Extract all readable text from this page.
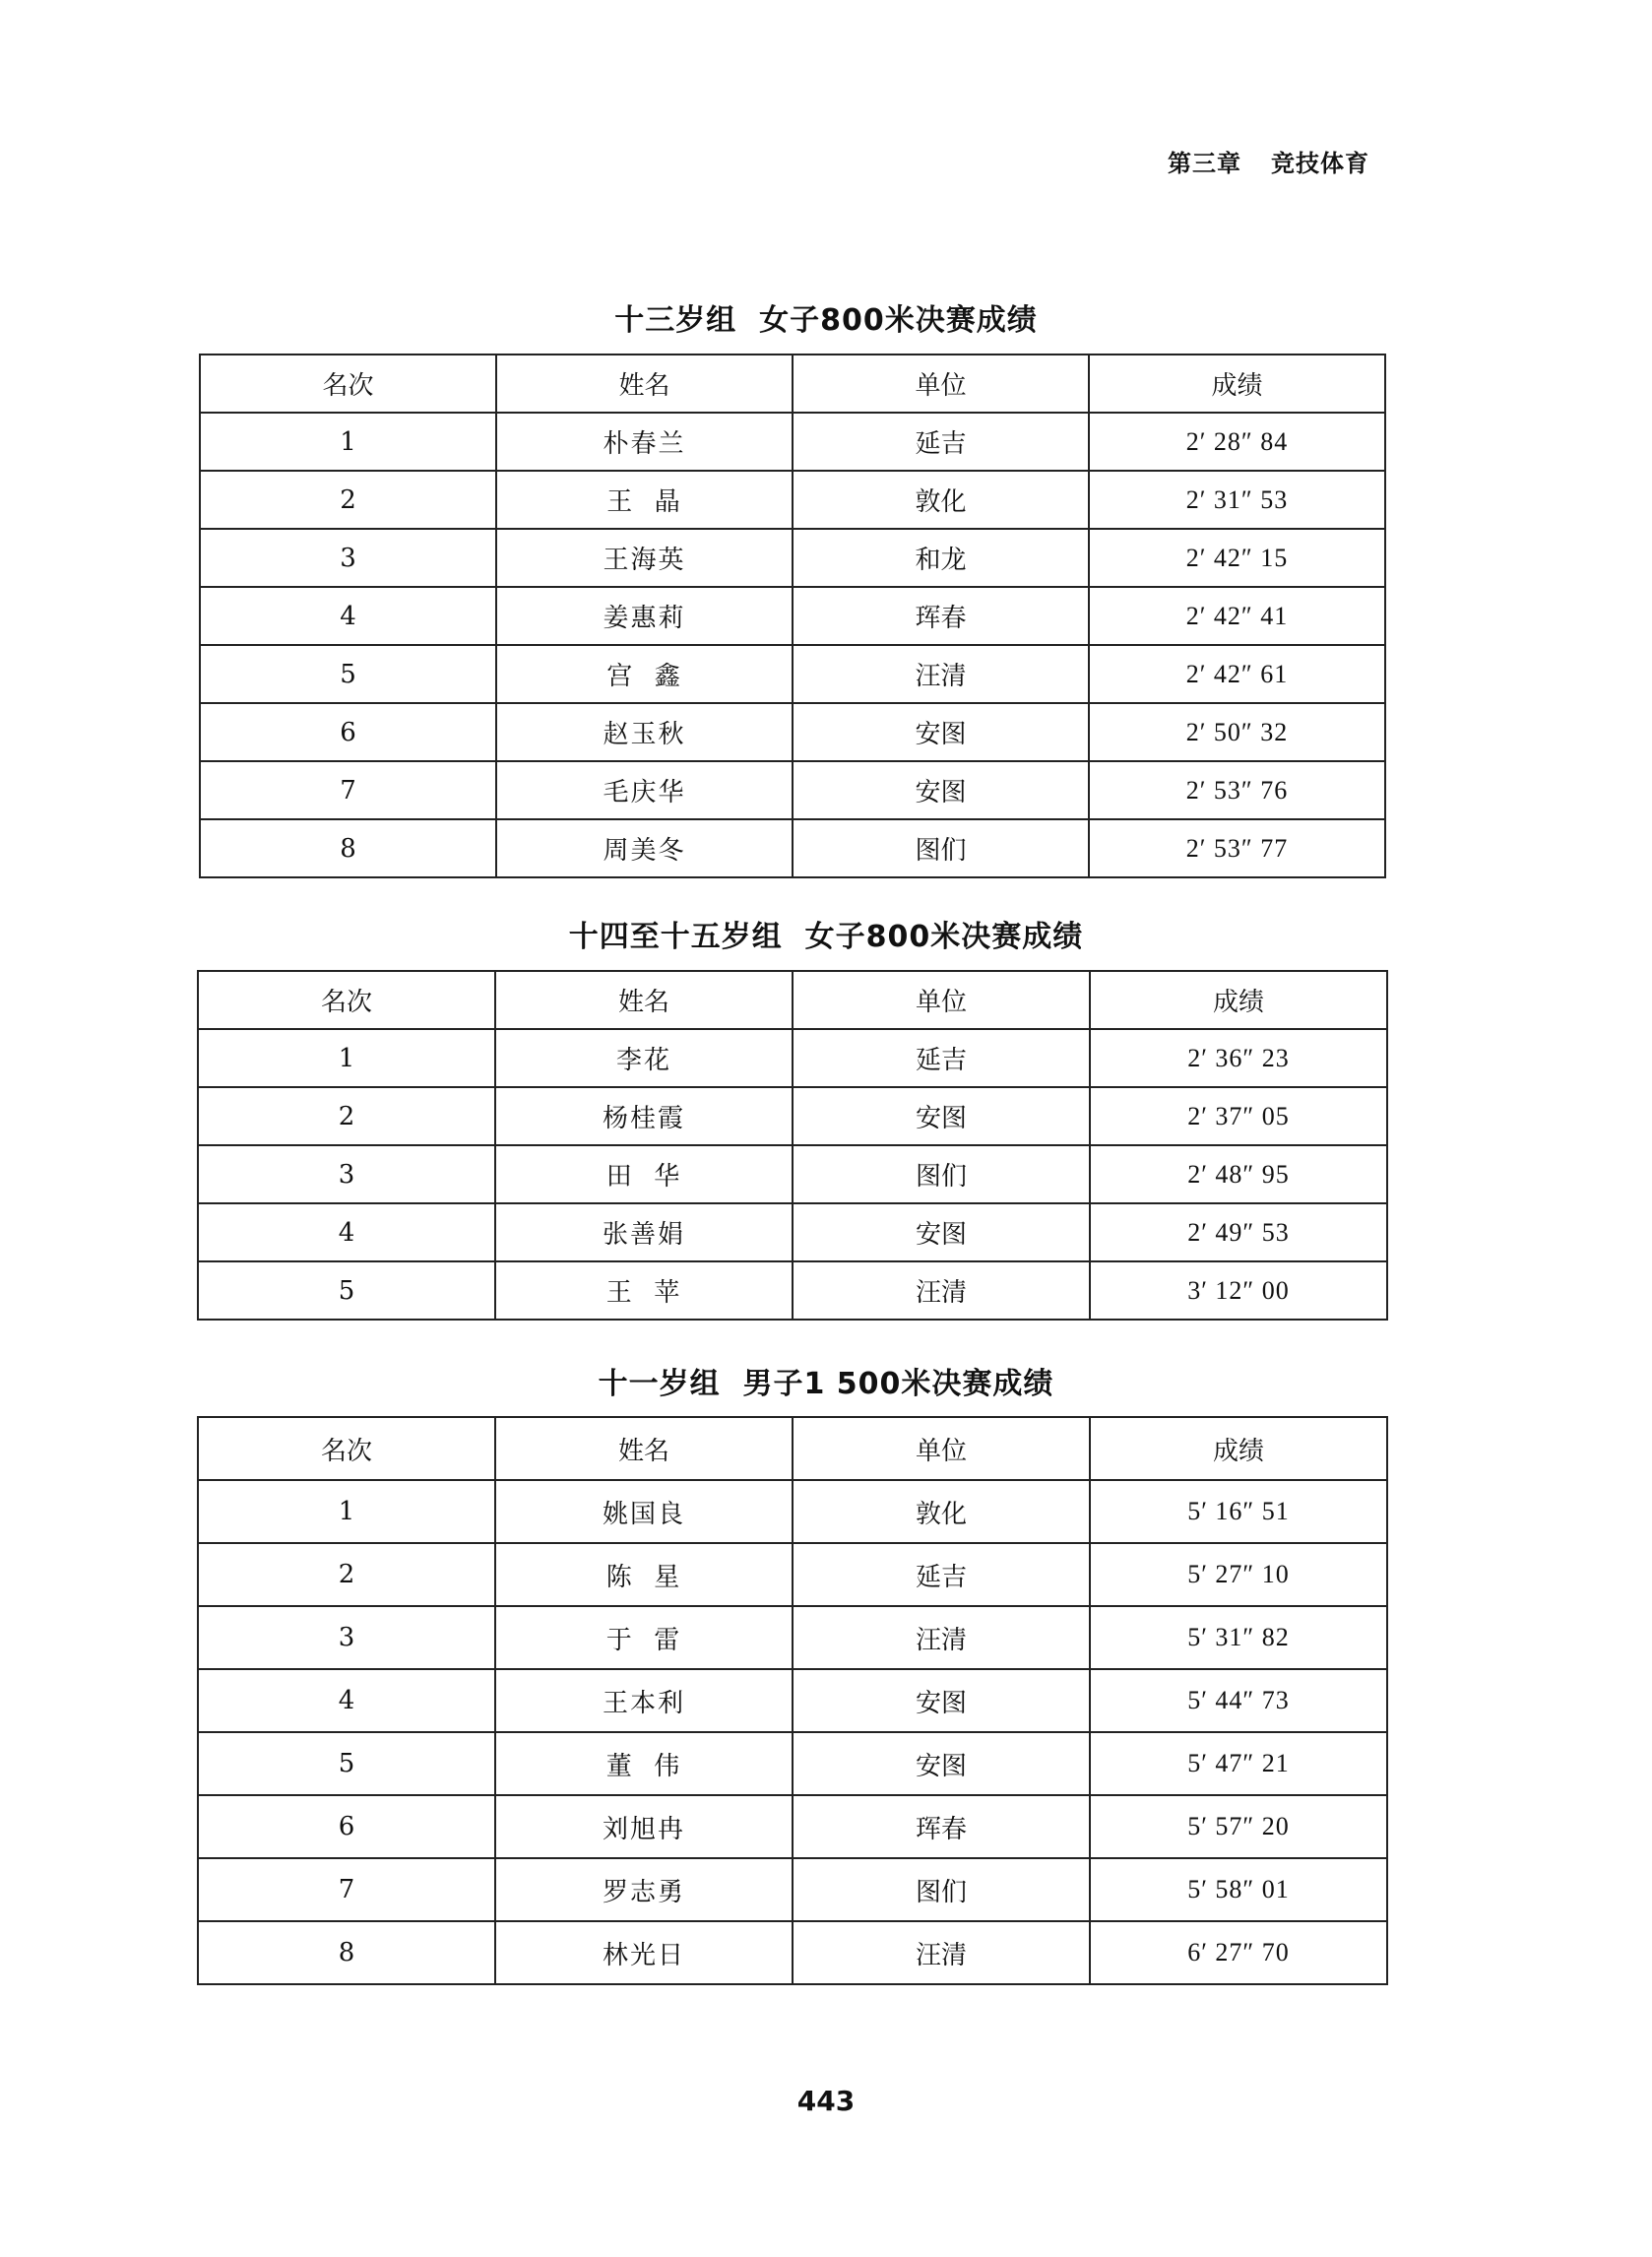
第三章 竞技体育
十三岁组  女子800米决赛成绩
名次	姓名	单位	成绩
1	朴春兰	延吉	2′ 28″ 84
2	王  晶	敦化	2′ 31″ 53
3	王海英	和龙	2′ 42″ 15
4	姜惠莉	珲春	2′ 42″ 41
5	宫  鑫	汪清	2′ 42″ 61
6	赵玉秋	安图	2′ 50″ 32
7	毛庆华	安图	2′ 53″ 76
8	周美冬	图们	2′ 53″ 77
十四至十五岁组  女子800米决赛成绩
名次	姓名	单位	成绩
1	李花	延吉	2′ 36″ 23
2	杨桂霞	安图	2′ 37″ 05
3	田  华	图们	2′ 48″ 95
4	张善娟	安图	2′ 49″ 53
5	王  苹	汪清	3′ 12″ 00
十一岁组  男子1 500米决赛成绩
名次	姓名	单位	成绩
1	姚国良	敦化	5′ 16″ 51
2	陈  星	延吉	5′ 27″ 10
3	于  雷	汪清	5′ 31″ 82
4	王本利	安图	5′ 44″ 73
5	董  伟	安图	5′ 47″ 21
6	刘旭冉	珲春	5′ 57″ 20
7	罗志勇	图们	5′ 58″ 01
8	林光日	汪清	6′ 27″ 70
443
